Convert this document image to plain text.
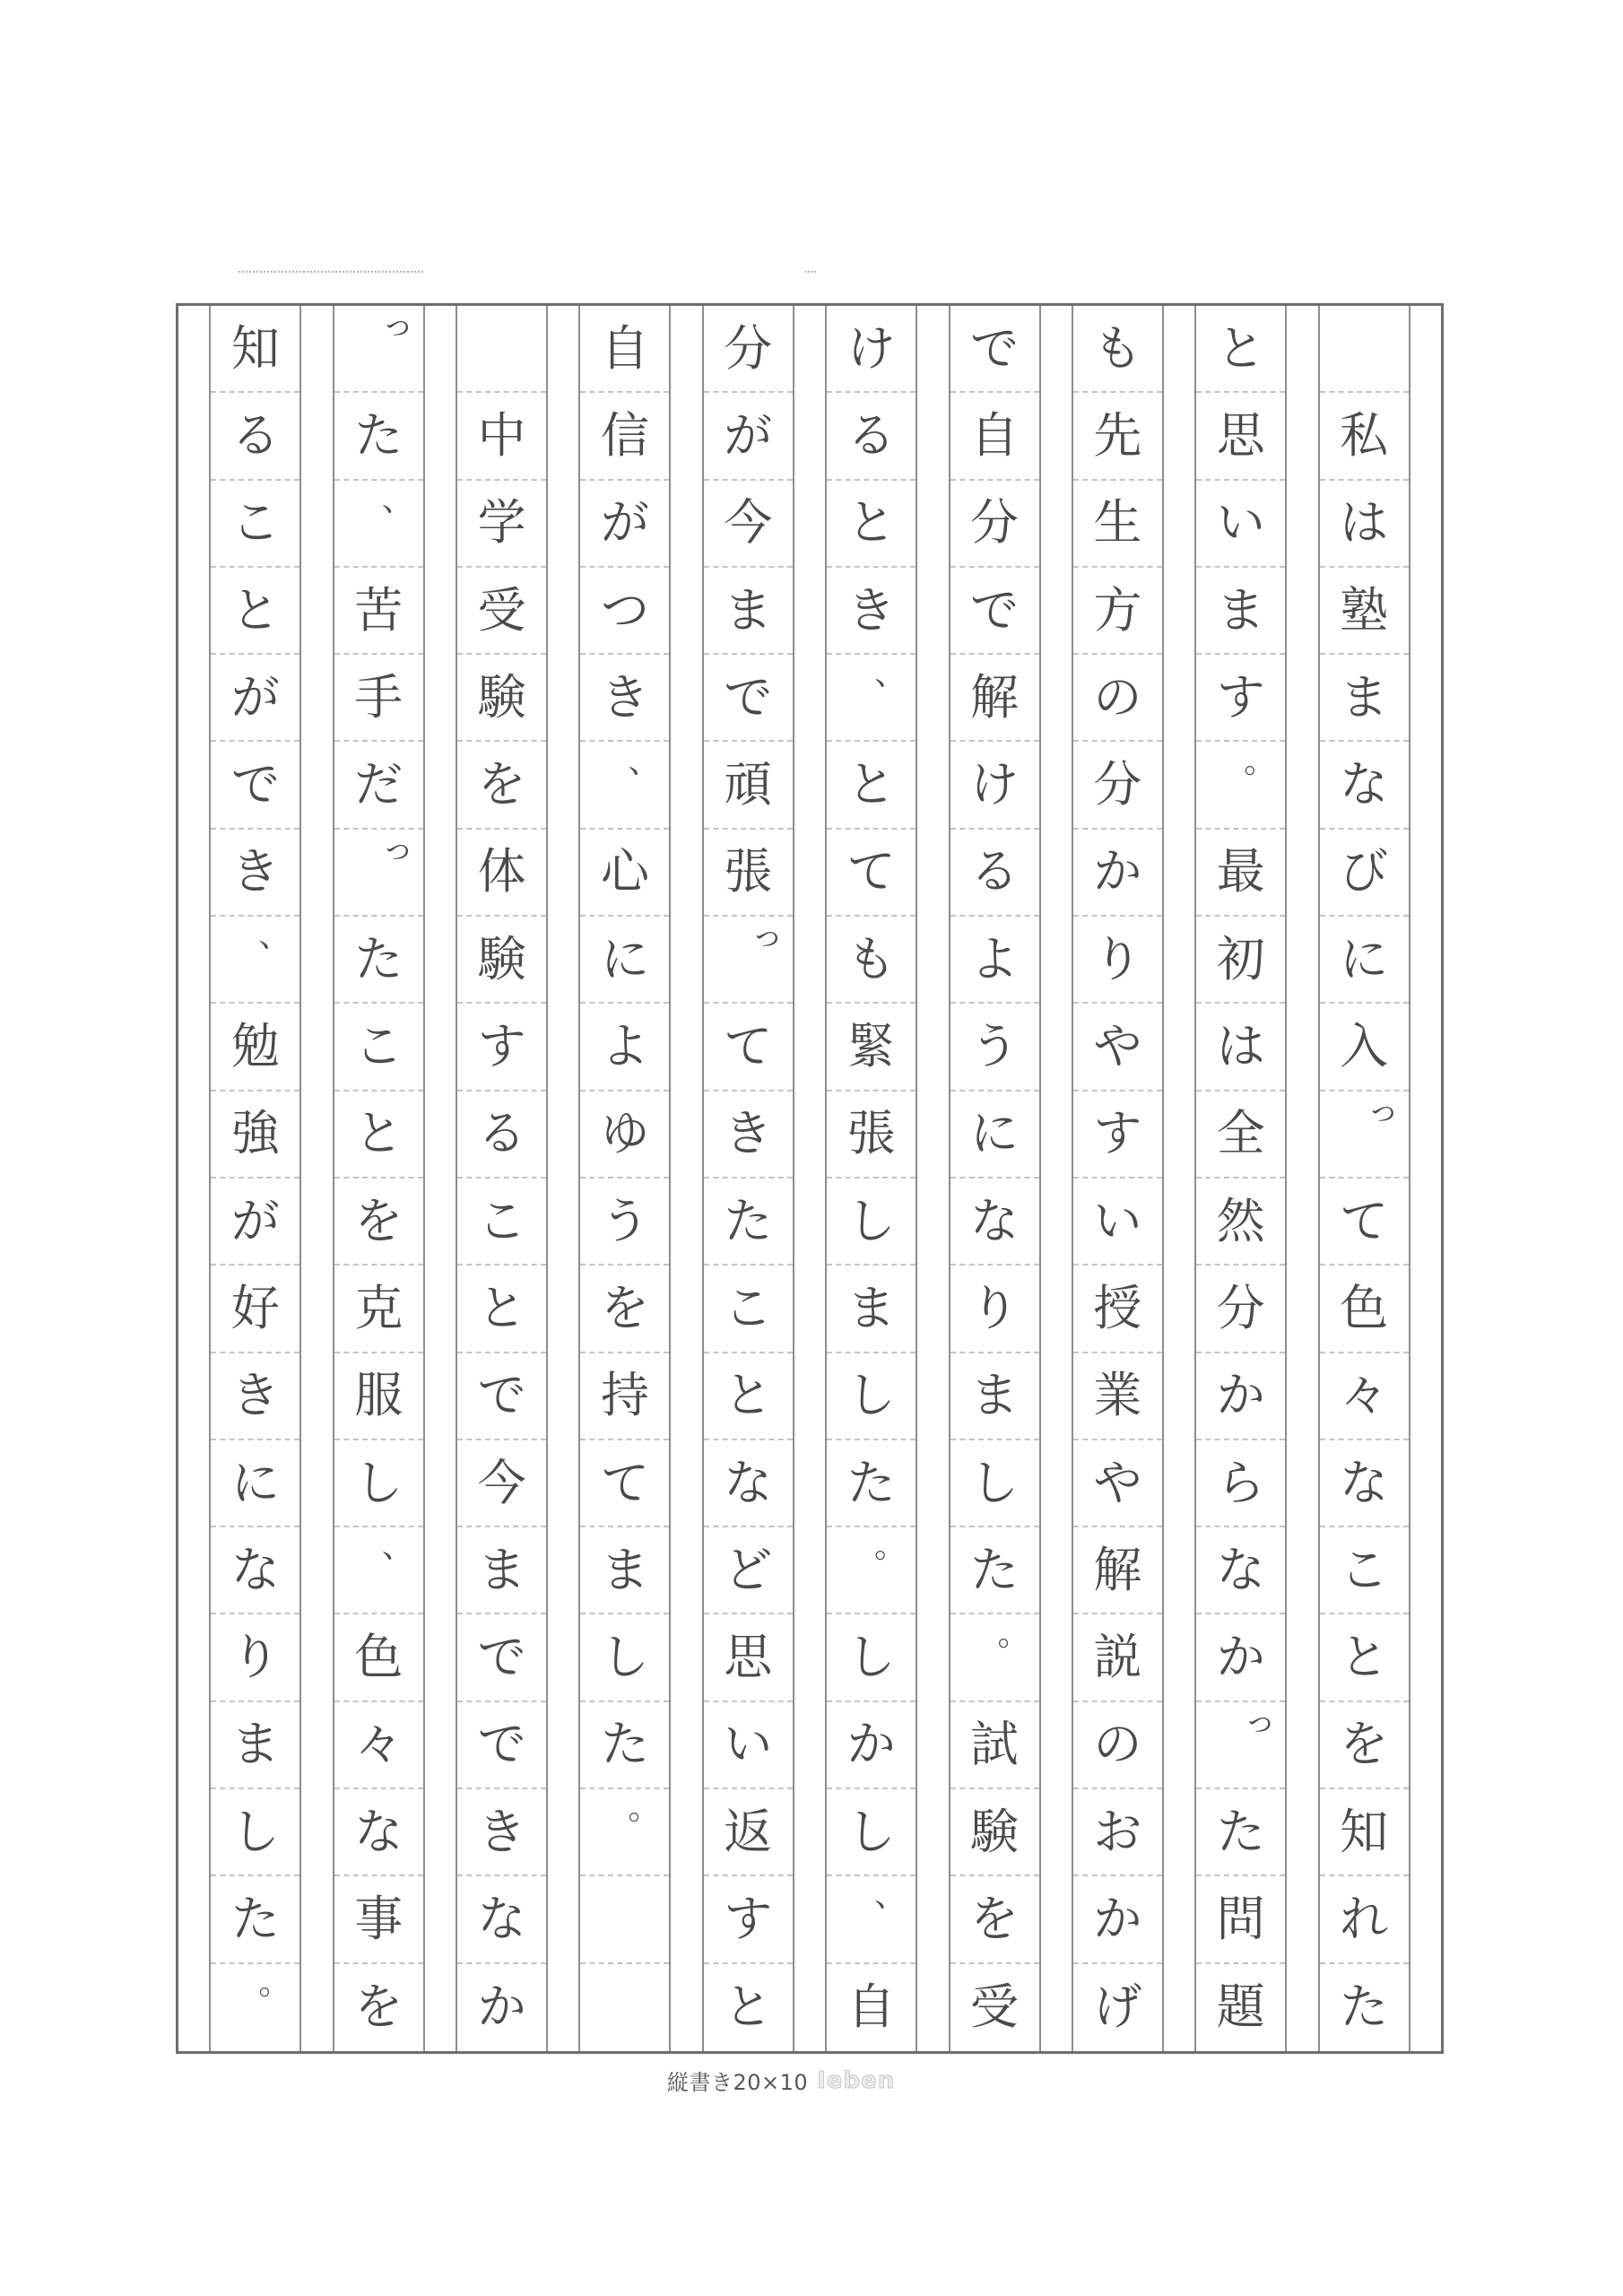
私
は
塾
ま
な
び
に
入
っ
て
色
々
な
こ
と
を
知
れ
た
と
思
い
ま
す
。
最
初
は
全
然
分
か
ら
な
か
っ
た
問
題
も
先
生
方
の
分
か
り
や
す
い
授
業
や
解
説
の
お
か
げ
で
自
分
で
解
け
る
よ
う
に
な
り
ま
し
た
。
試
験
を
受
け
る
と
き
、
と
て
も
緊
張
し
ま
し
た
。
し
か
し
、
自
分
が
今
ま
で
頑
張
っ
て
き
た
こ
と
な
ど
思
い
返
す
と
自
信
が
つ
き
、
心
に
よ
ゆ
う
を
持
て
ま
し
た
。

中
学
受
験
を
体
験
す
る
こ
と
で
今
ま
で
で
き
な
か
っ
た
、
苦
手
だ
っ
た
こ
と
を
克
服
し
、
色
々
な
事
を
知
る
こ
と
が
で
き
、
勉
強
が
好
き
に
な
り
ま
し
た
。
縦書き20×10 Ieben
